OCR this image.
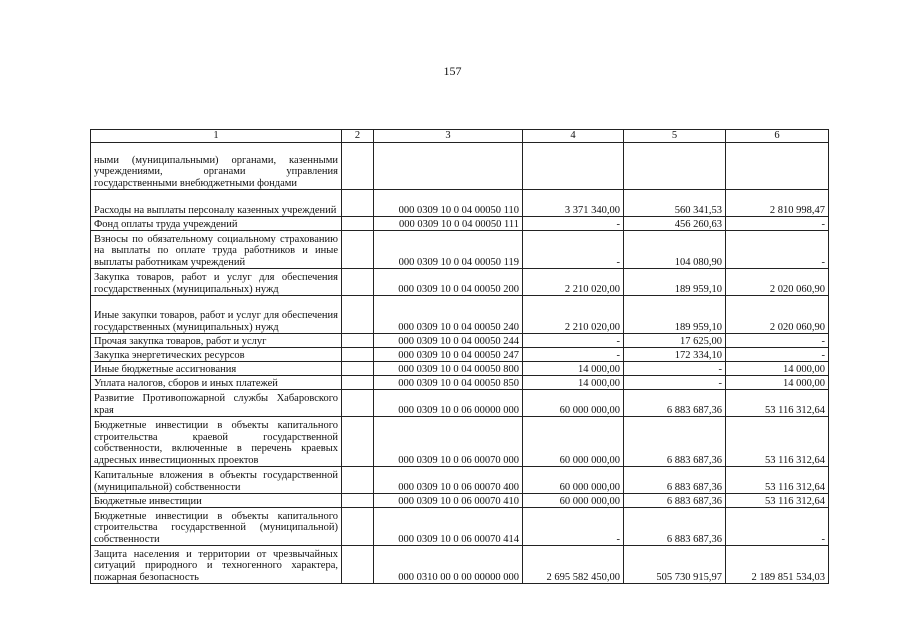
157
1	2	3	4	5	6
ными (муниципальными) органами, казенными учреждениями, органами управления государственными внебюджетными фондами					
Расходы на выплаты персоналу казенных учреждений		000 0309 10 0 04 00050 110	3 371 340,00	560 341,53	2 810 998,47
Фонд оплаты труда учреждений		000 0309 10 0 04 00050 111	-	456 260,63	-
Взносы по обязательному социальному страхованию на выплаты по оплате труда работников и иные выплаты работникам учреждений		000 0309 10 0 04 00050 119	-	104 080,90	-
Закупка товаров, работ и услуг для обеспечения государственных (муниципальных) нужд		000 0309 10 0 04 00050 200	2 210 020,00	189 959,10	2 020 060,90
Иные закупки товаров, работ и услуг для обеспечения государственных (муниципальных) нужд		000 0309 10 0 04 00050 240	2 210 020,00	189 959,10	2 020 060,90
Прочая закупка товаров, работ и услуг		000 0309 10 0 04 00050 244	-	17 625,00	-
Закупка энергетических ресурсов		000 0309 10 0 04 00050 247	-	172 334,10	-
Иные бюджетные ассигнования		000 0309 10 0 04 00050 800	14 000,00	-	14 000,00
Уплата налогов, сборов и иных платежей		000 0309 10 0 04 00050 850	14 000,00	-	14 000,00
Развитие Противопожарной службы Хабаровского края		000 0309 10 0 06 00000 000	60 000 000,00	6 883 687,36	53 116 312,64
Бюджетные инвестиции в объекты капитального строительства краевой государственной собственности, включенные в перечень краевых адресных инвестиционных проектов		000 0309 10 0 06 00070 000	60 000 000,00	6 883 687,36	53 116 312,64
Капитальные вложения в объекты государственной (муниципальной) собственности		000 0309 10 0 06 00070 400	60 000 000,00	6 883 687,36	53 116 312,64
Бюджетные инвестиции		000 0309 10 0 06 00070 410	60 000 000,00	6 883 687,36	53 116 312,64
Бюджетные инвестиции в объекты капитального строительства государственной (муниципальной) собственности		000 0309 10 0 06 00070 414	-	6 883 687,36	-
Защита населения и территории от чрезвычайных ситуаций природного и техногенного характера, пожарная безопасность		000 0310 00 0 00 00000 000	2 695 582 450,00	505 730 915,97	2 189 851 534,03
